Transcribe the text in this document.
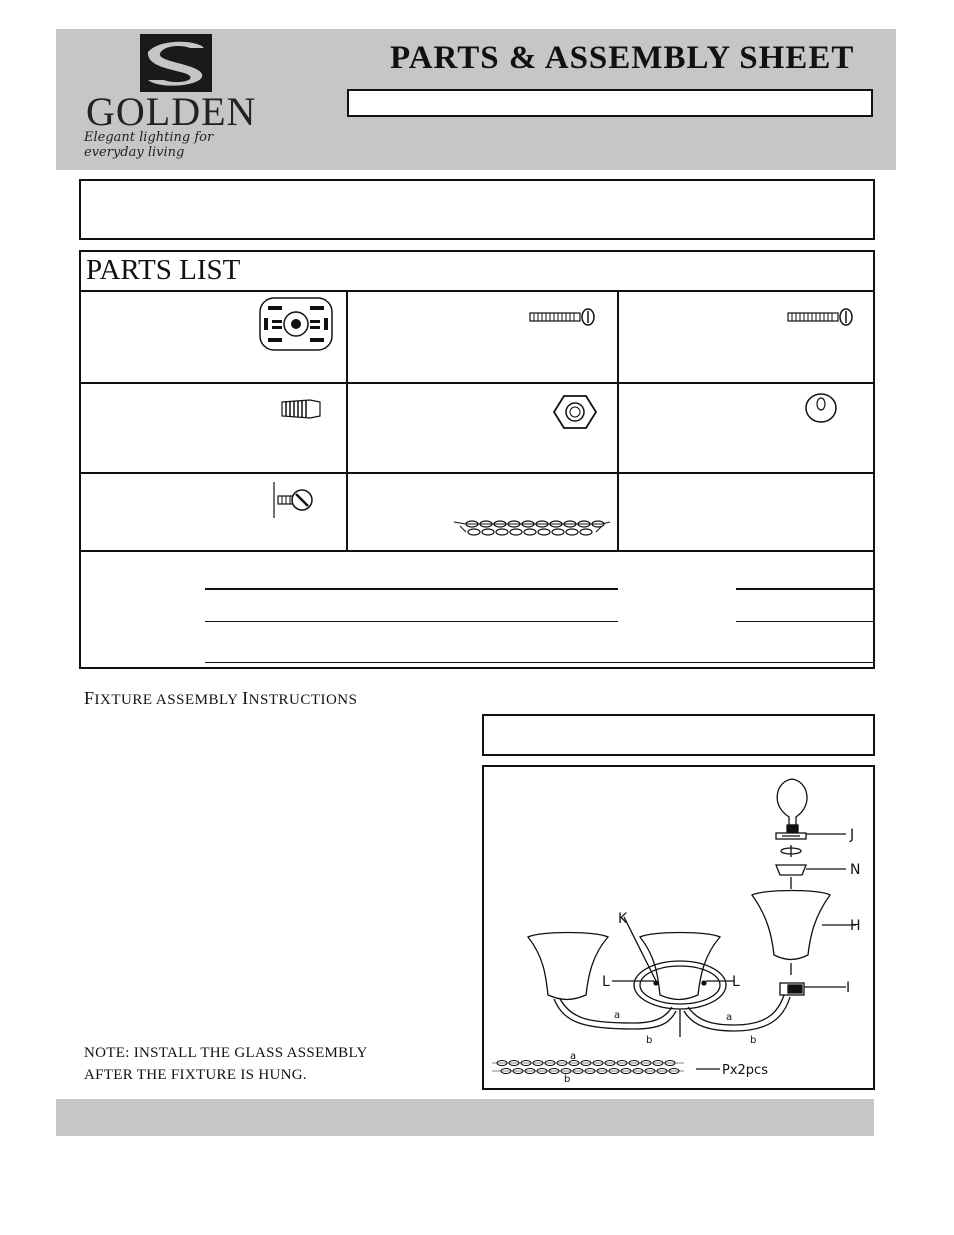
GOLDEN
Elegant lighting for everyday living
PARTS & ASSEMBLY SHEET
PARTS LIST
FIXTURE ASSEMBLY INSTRUCTIONS
J
N
H
I
K
L	L
Px2pcs
a	a
b	b
a
b
NOTE: INSTALL THE GLASS ASSEMBLY
AFTER THE FIXTURE IS HUNG.
